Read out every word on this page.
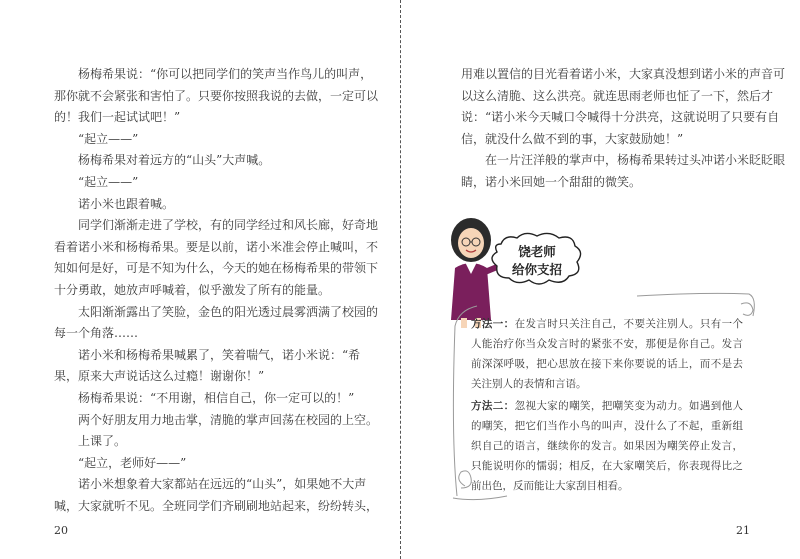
杨梅希果说：“你可以把同学们的笑声当作鸟儿的叫声，

那你就不会紧张和害怕了。只要你按照我说的去做，一定可以

的！我们一起试试吧！”

“起立——”

杨梅希果对着远方的“山头”大声喊。

“起立——”

诺小米也跟着喊。

同学们渐渐走进了学校，有的同学经过和风长廊，好奇地

看着诺小米和杨梅希果。要是以前，诺小米准会停止喊叫，不

知如何是好，可是不知为什么，今天的她在杨梅希果的带领下

十分勇敢，她放声呼喊着，似乎激发了所有的能量。

太阳渐渐露出了笑脸，金色的阳光透过晨雾洒满了校园的

每一个角落……

诺小米和杨梅希果喊累了，笑着喘气，诺小米说：“希

果，原来大声说话这么过瘾！谢谢你！”

杨梅希果说：“不用谢，相信自己，你一定可以的！”

两个好朋友用力地击掌，清脆的掌声回荡在校园的上空。

上课了。

“起立，老师好——”

诺小米想象着大家都站在远远的“山头”，如果她不大声

喊，大家就听不见。全班同学们齐刷刷地站起来，纷纷转头，

20

用难以置信的目光看着诺小米，大家真没想到诺小米的声音可

以这么清脆、这么洪亮。就连思雨老师也怔了一下，然后才

说：“诺小米今天喊口令喊得十分洪亮，这就说明了只要有自

信，就没什么做不到的事，大家鼓励她！”

在一片汪洋般的掌声中，杨梅希果转过头冲诺小米眨眨眼

睛，诺小米回她一个甜甜的微笑。

饶老师
给你支招

方法一：在发言时只关注自己，不要关注别人。只有一个人能治疗你当众发言时的紧张不安，那便是你自己。发言前深深呼吸，把心思放在接下来你要说的话上，而不是去关注别人的表情和言语。

方法二：忽视大家的嘲笑，把嘲笑变为动力。如遇到他人的嘲笑，把它们当作小鸟的叫声，没什么了不起，重新组织自己的语言，继续你的发言。如果因为嘲笑停止发言，只能说明你的懦弱；相反，在大家嘲笑后，你表现得比之前出色，反而能让大家刮目相看。

21
